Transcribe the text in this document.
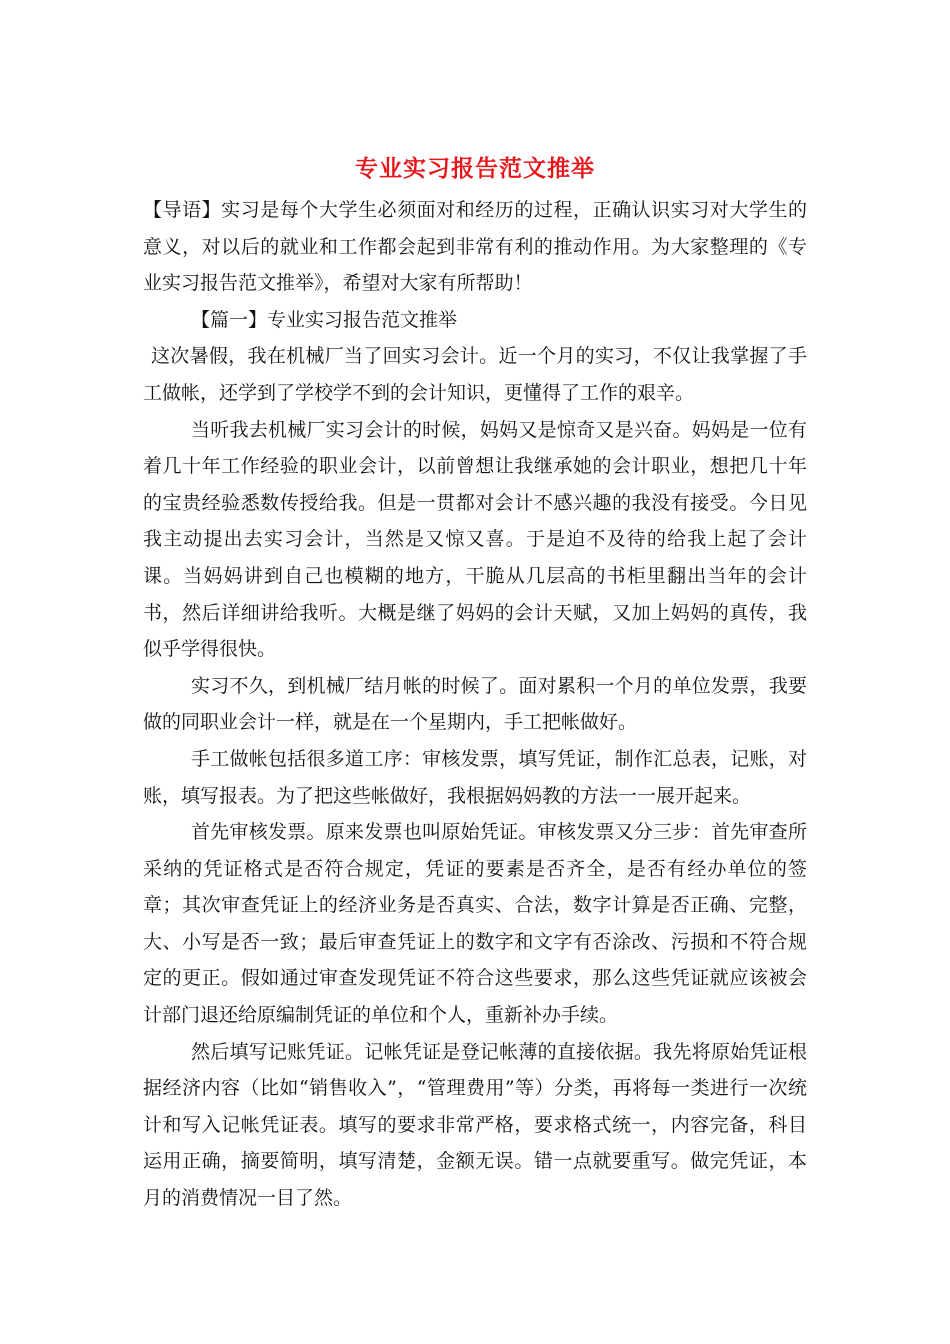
专业实习报告范文推举

【导语】实习是每个大学生必须面对和经历的过程，正确认识实习对大学生的意义，对以后的就业和工作都会起到非常有利的推动作用。为大家整理的《专业实习报告范文推举》，希望对大家有所帮助！

【篇一】专业实习报告范文推举

这次暑假，我在机械厂当了回实习会计。近一个月的实习，不仅让我掌握了手工做帐，还学到了学校学不到的会计知识，更懂得了工作的艰辛。

当听我去机械厂实习会计的时候，妈妈又是惊奇又是兴奋。妈妈是一位有着几十年工作经验的职业会计，以前曾想让我继承她的会计职业，想把几十年的宝贵经验悉数传授给我。但是一贯都对会计不感兴趣的我没有接受。今日见我主动提出去实习会计，当然是又惊又喜。于是迫不及待的给我上起了会计课。当妈妈讲到自己也模糊的地方，干脆从几层高的书柜里翻出当年的会计书，然后详细讲给我听。大概是继了妈妈的会计天赋，又加上妈妈的真传，我似乎学得很快。

实习不久，到机械厂结月帐的时候了。面对累积一个月的单位发票，我要做的同职业会计一样，就是在一个星期内，手工把帐做好。

手工做帐包括很多道工序：审核发票，填写凭证，制作汇总表，记账，对账，填写报表。为了把这些帐做好，我根据妈妈教的方法一一展开起来。

首先审核发票。原来发票也叫原始凭证。审核发票又分三步：首先审查所采纳的凭证格式是否符合规定，凭证的要素是否齐全，是否有经办单位的签章；其次审查凭证上的经济业务是否真实、合法，数字计算是否正确、完整，大、小写是否一致；最后审查凭证上的数字和文字有否涂改、污损和不符合规定的更正。假如通过审查发现凭证不符合这些要求，那么这些凭证就应该被会计部门退还给原编制凭证的单位和个人，重新补办手续。

然后填写记账凭证。记帐凭证是登记帐薄的直接依据。我先将原始凭证根据经济内容（比如“销售收入”，“管理费用”等）分类，再将每一类进行一次统计和写入记帐凭证表。填写的要求非常严格，要求格式统一，内容完备，科目运用正确，摘要简明，填写清楚，金额无误。错一点就要重写。做完凭证，本月的消费情况一目了然。
